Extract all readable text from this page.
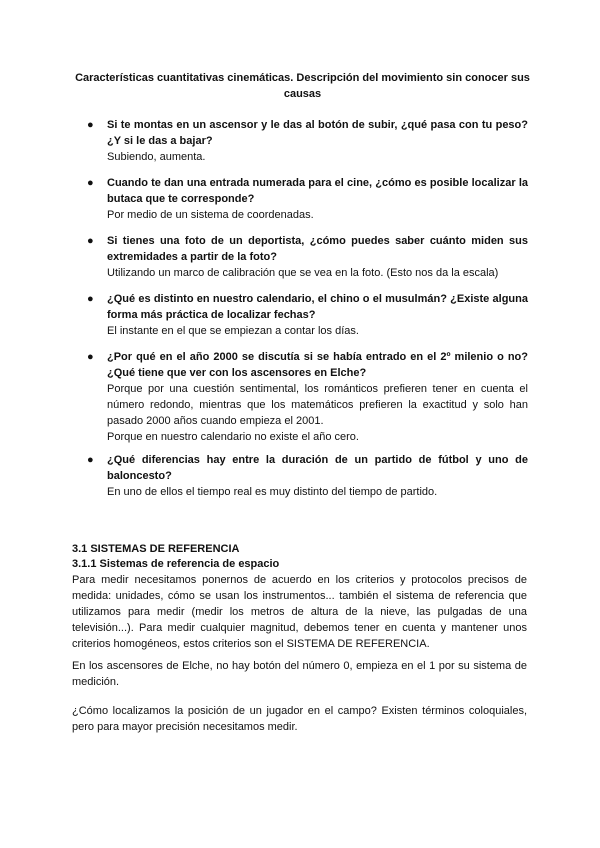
Características cuantitativas cinemáticas. Descripción del movimiento sin conocer sus causas
● Si te montas en un ascensor y le das al botón de subir, ¿qué pasa con tu peso? ¿Y si le das a bajar?
Subiendo, aumenta.
● Cuando te dan una entrada numerada para el cine, ¿cómo es posible localizar la butaca que te corresponde?
Por medio de un sistema de coordenadas.
● Si tienes una foto de un deportista, ¿cómo puedes saber cuánto miden sus extremidades a partir de la foto?
Utilizando un marco de calibración que se vea en la foto. (Esto nos da la escala)
● ¿Qué es distinto en nuestro calendario, el chino o el musulmán? ¿Existe alguna forma más práctica de localizar fechas?
El instante en el que se empiezan a contar los días.
● ¿Por qué en el año 2000 se discutía si se había entrado en el 2º milenio o no? ¿Qué tiene que ver con los ascensores en Elche?
Porque por una cuestión sentimental, los románticos prefieren tener en cuenta el número redondo, mientras que los matemáticos prefieren la exactitud y solo han pasado 2000 años cuando empieza el 2001.
Porque en nuestro calendario no existe el año cero.
● ¿Qué diferencias hay entre la duración de un partido de fútbol y uno de baloncesto?
En uno de ellos el tiempo real es muy distinto del tiempo de partido.
3.1 SISTEMAS DE REFERENCIA
3.1.1 Sistemas de referencia de espacio
Para medir necesitamos ponernos de acuerdo en los criterios y protocolos precisos de medida: unidades, cómo se usan los instrumentos... también el sistema de referencia que utilizamos para medir (medir los metros de altura de la nieve, las pulgadas de una televisión...). Para medir cualquier magnitud, debemos tener en cuenta y mantener unos criterios homogéneos, estos criterios son el SISTEMA DE REFERENCIA.
En los ascensores de Elche, no hay botón del número 0, empieza en el 1 por su sistema de medición.
¿Cómo localizamos la posición de un jugador en el campo? Existen términos coloquiales, pero para mayor precisión necesitamos medir.
